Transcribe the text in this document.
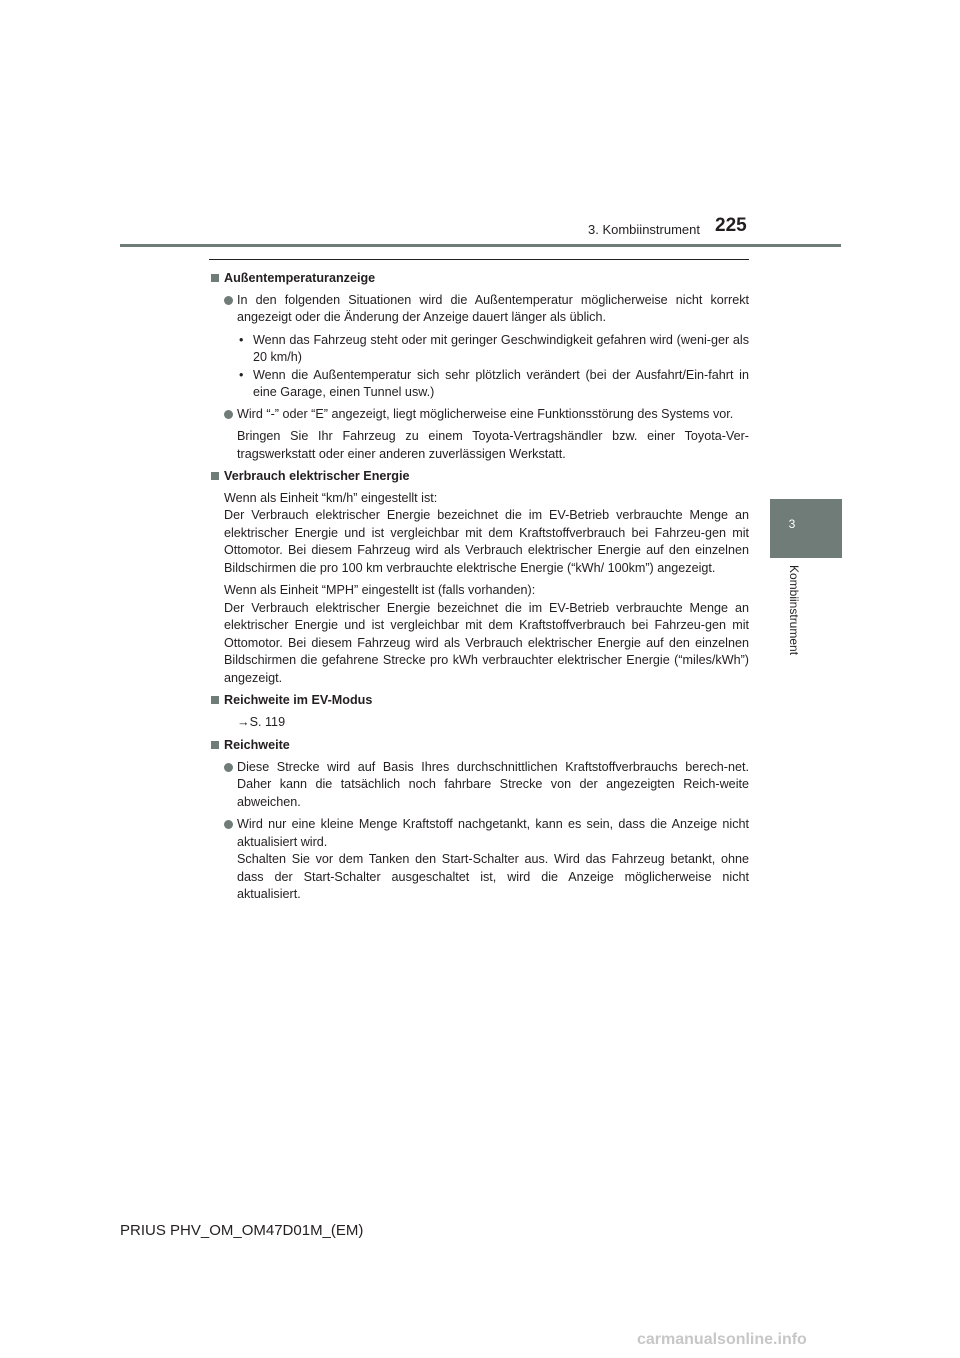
3. Kombiinstrument 225
3
Kombiinstrument
Außentemperaturanzeige
In den folgenden Situationen wird die Außentemperatur möglicherweise nicht korrekt angezeigt oder die Änderung der Anzeige dauert länger als üblich.
• Wenn das Fahrzeug steht oder mit geringer Geschwindigkeit gefahren wird (weni-ger als 20 km/h)
• Wenn die Außentemperatur sich sehr plötzlich verändert (bei der Ausfahrt/Ein-fahrt in eine Garage, einen Tunnel usw.)
Wird “-” oder “E” angezeigt, liegt möglicherweise eine Funktionsstörung des Systems vor.
Bringen Sie Ihr Fahrzeug zu einem Toyota-Vertragshändler bzw. einer Toyota-Ver-tragswerkstatt oder einer anderen zuverlässigen Werkstatt.
Verbrauch elektrischer Energie

Wenn als Einheit “km/h” eingestellt ist:

Der Verbrauch elektrischer Energie bezeichnet die im EV-Betrieb verbrauchte Menge an elektrischer Energie und ist vergleichbar mit dem Kraftstoffverbrauch bei Fahrzeu-gen mit Ottomotor. Bei diesem Fahrzeug wird als Verbrauch elektrischer Energie auf den einzelnen Bildschirmen die pro 100 km verbrauchte elektrische Energie (“kWh/ 100km”) angezeigt.

Wenn als Einheit “MPH” eingestellt ist (falls vorhanden):

Der Verbrauch elektrischer Energie bezeichnet die im EV-Betrieb verbrauchte Menge an elektrischer Energie und ist vergleichbar mit dem Kraftstoffverbrauch bei Fahrzeu-gen mit Ottomotor. Bei diesem Fahrzeug wird als Verbrauch elektrischer Energie auf den einzelnen Bildschirmen die gefahrene Strecke pro kWh verbrauchter elektrischer Energie (“miles/kWh”) angezeigt.

Reichweite im EV-Modus
→S. 119
Reichweite
Diese Strecke wird auf Basis Ihres durchschnittlichen Kraftstoffverbrauchs berech-net. Daher kann die tatsächlich noch fahrbare Strecke von der angezeigten Reich-weite abweichen.
Wird nur eine kleine Menge Kraftstoff nachgetankt, kann es sein, dass die Anzeige nicht aktualisiert wird.
Schalten Sie vor dem Tanken den Start-Schalter aus. Wird das Fahrzeug betankt, ohne dass der Start-Schalter ausgeschaltet ist, wird die Anzeige möglicherweise nicht aktualisiert.
PRIUS PHV_OM_OM47D01M_(EM)
carmanualsonline.info
